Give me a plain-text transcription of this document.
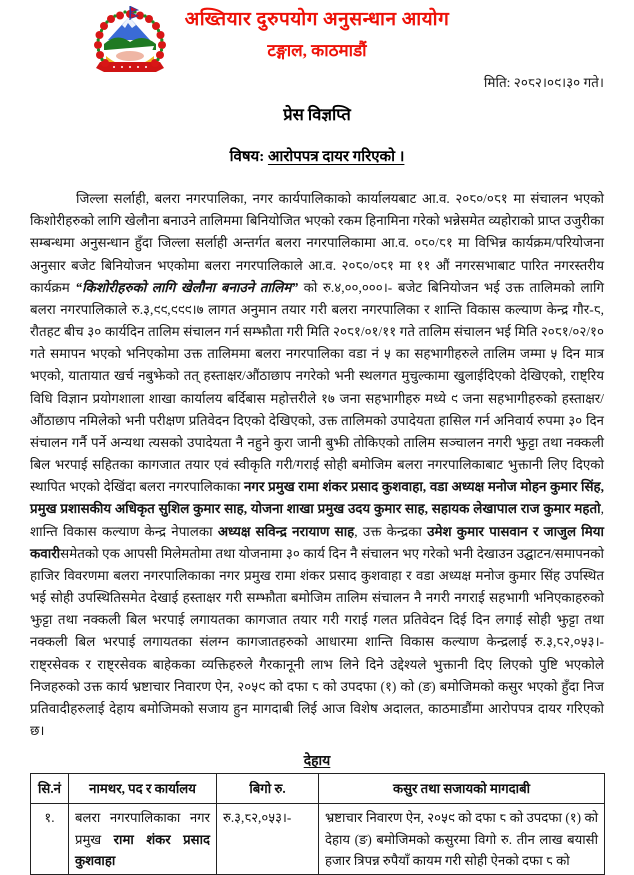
अख्तियार दुरुपयोग अनुसन्धान आयोग
टङ्गाल, काठमाडौं
मिति: २०८२।०९।३० गते।
प्रेस विज्ञप्ति
विषय: आरोपपत्र दायर गरिएको ।
जिल्ला सर्लाही, बलरा नगरपालिका, नगर कार्यपालिकाको कार्यालयबाट आ.व. २०८०/०८१ मा संचालन भएको किशोरीहरुको लागि खेलौना बनाउने तालिममा बिनियोजित भएको रकम हिनामिना गरेको भन्नेसमेत व्यहोराको प्राप्त उजुरीका सम्बन्धमा अनुसन्धान हुँदा जिल्ला सर्लाही अन्तर्गत बलरा नगरपालिकामा आ.व. ०८०/८१ मा विभिन्न कार्यक्रम/परियोजना अनुसार बजेट बिनियोजन भएकोमा बलरा नगरपालिकाले आ.व. २०८०/०८१ मा ११ औं नगरसभाबाट पारित नगरस्तरीय कार्यक्रम “किशोरीहरुको लागि खेलौना बनाउने तालिम” को रु.४,००,०००।- बजेट बिनियोजन भई उक्त तालिमको लागि बलरा नगरपालिकाले रु.३,९९,९९९।७ लागत अनुमान तयार गरी बलरा नगरपालिका र शान्ति विकास कल्याण केन्द्र गौर-८, रौतहट बीच ३० कार्यदिन तालिम संचालन गर्न सम्झौता गरी मिति २०८१/०१/११ गते तालिम संचालन भई मिति २०८१/०२/१० गते समापन भएको भनिएकोमा उक्त तालिममा बलरा नगरपालिका वडा नं ५ का सहभागीहरुले तालिम जम्मा ५ दिन मात्र भएको, यातायात खर्च नबुझेको तत् हस्ताक्षर/औंठाछाप नगरेको भनी स्थलगत मुचुल्कामा खुलाईदिएको देखिएको, राष्ट्रिय विधि विज्ञान प्रयोगशाला शाखा कार्यालय बर्दिबास महोत्तरीले १७ जना सहभागीहरु मध्ये ९ जना सहभागीहरुको हस्ताक्षर/औंठाछाप नमिलेको भनी परीक्षण प्रतिवेदन दिएको देखिएको, उक्त तालिमको उपादेयता हासिल गर्न अनिवार्य रुपमा ३० दिन संचालन गर्नै पर्ने अन्यथा त्यसको उपादेयता नै नहुने कुरा जानी बुझी तोकिएको तालिम सञ्चालन नगरी झुट्टा तथा नक्कली बिल भरपाई सहितका कागजात तयार एवं स्वीकृति गरी/गराई सोही बमोजिम बलरा नगरपालिकाबाट भुक्तानी लिए दिएको स्थापित भएको देखिंदा बलरा नगरपालिकाका नगर प्रमुख रामा शंकर प्रसाद कुशवाहा, वडा अध्यक्ष मनोज मोहन कुमार सिंह, प्रमुख प्रशासकीय अधिकृत सुशिल कुमार साह, योजना शाखा प्रमुख उदय कुमार साह, सहायक लेखापाल राज कुमार महतो, शान्ति विकास कल्याण केन्द्र नेपालका अध्यक्ष सविन्द्र नरायाण साह, उक्त केन्द्रका उमेश कुमार पासवान र जाजुल मिया कवारीसमेतको एक आपसी मिलेमतोमा तथा योजनामा ३० कार्य दिन नै संचालन भए गरेको भनी देखाउन उद्घाटन/समापनको हाजिर विवरणमा बलरा नगरपालिकाका नगर प्रमुख रामा शंकर प्रसाद कुशवाहा र वडा अध्यक्ष मनोज कुमार सिंह उपस्थित भई सोही उपस्थितिसमेत देखाई हस्ताक्षर गरी सम्झौता बमोजिम तालिम संचालन नै नगरी नगराई सहभागी भनिएकाहरुको झुट्टा तथा नक्कली बिल भरपाई लगायतका कागजात तयार गरी गराई गलत प्रतिवेदन दिई दिन लगाई सोही झुट्टा तथा नक्कली बिल भरपाई लगायतका संलग्न कागजातहरुको आधारमा शान्ति विकास कल्याण केन्द्रलाई रु.३,८२,०५३।- राष्ट्रसेवक र राष्ट्रसेवक बाहेकका व्यक्तिहरुले गैरकानूनी लाभ लिने दिने उद्देश्यले भुक्तानी दिए लिएको पुष्टि भएकोले निजहरुको उक्त कार्य भ्रष्टाचार निवारण ऐन, २०५९ को दफा ८ को उपदफा (१) को (ङ) बमोजिमको कसुर भएको हुँदा निज प्रतिवादीहरुलाई देहाय बमोजिमको सजाय हुन मागदाबी लिई आज विशेष अदालत, काठमाडौंमा आरोपपत्र दायर गरिएको छ।
देहाय
सि.नं	नामथर, पद र कार्यालय	बिगो रु.	कसुर तथा सजायको मागदाबी
१.	बलरा नगरपालिकाका नगर प्रमुख रामा शंकर प्रसाद कुशवाहा	रु.३,८२,०५३।-	भ्रष्टाचार निवारण ऐन, २०५९ को दफा ८ को उपदफा (१) को देहाय (ङ) बमोजिमको कसुरमा विगो रु. तीन लाख बयासी हजार त्रिपन्न रुपैयाँ कायम गरी सोही ऐनको दफा ८ को
